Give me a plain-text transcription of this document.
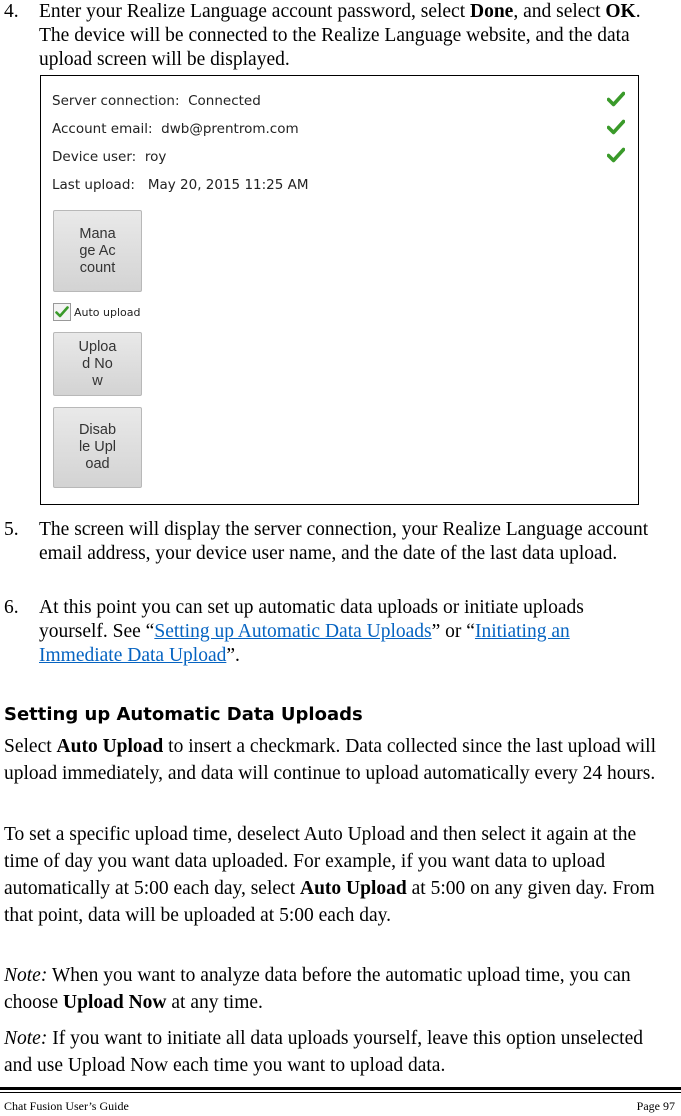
4. Enter your Realize Language account password, select Done, and select OK. The device will be connected to the Realize Language website, and the data upload screen will be displayed.
Server connection: Connected
Account email: dwb@prentrom.com
Device user: roy
Last upload: May 20, 2015 11:25 AM
Manage Account
Auto upload
Upload Now
Disable Upload
5. The screen will display the server connection, your Realize Language account email address, your device user name, and the date of the last data upload.
6. At this point you can set up automatic data uploads or initiate uploads yourself. See “Setting up Automatic Data Uploads” or “Initiating an Immediate Data Upload”.
Setting up Automatic Data Uploads
Select Auto Upload to insert a checkmark. Data collected since the last upload will upload immediately, and data will continue to upload automatically every 24 hours.
To set a specific upload time, deselect Auto Upload and then select it again at the time of day you want data uploaded. For example, if you want data to upload automatically at 5:00 each day, select Auto Upload at 5:00 on any given day. From that point, data will be uploaded at 5:00 each day.
Note: When you want to analyze data before the automatic upload time, you can choose Upload Now at any time.
Note: If you want to initiate all data uploads yourself, leave this option unselected and use Upload Now each time you want to upload data.
Chat Fusion User’s Guide	Page 97
